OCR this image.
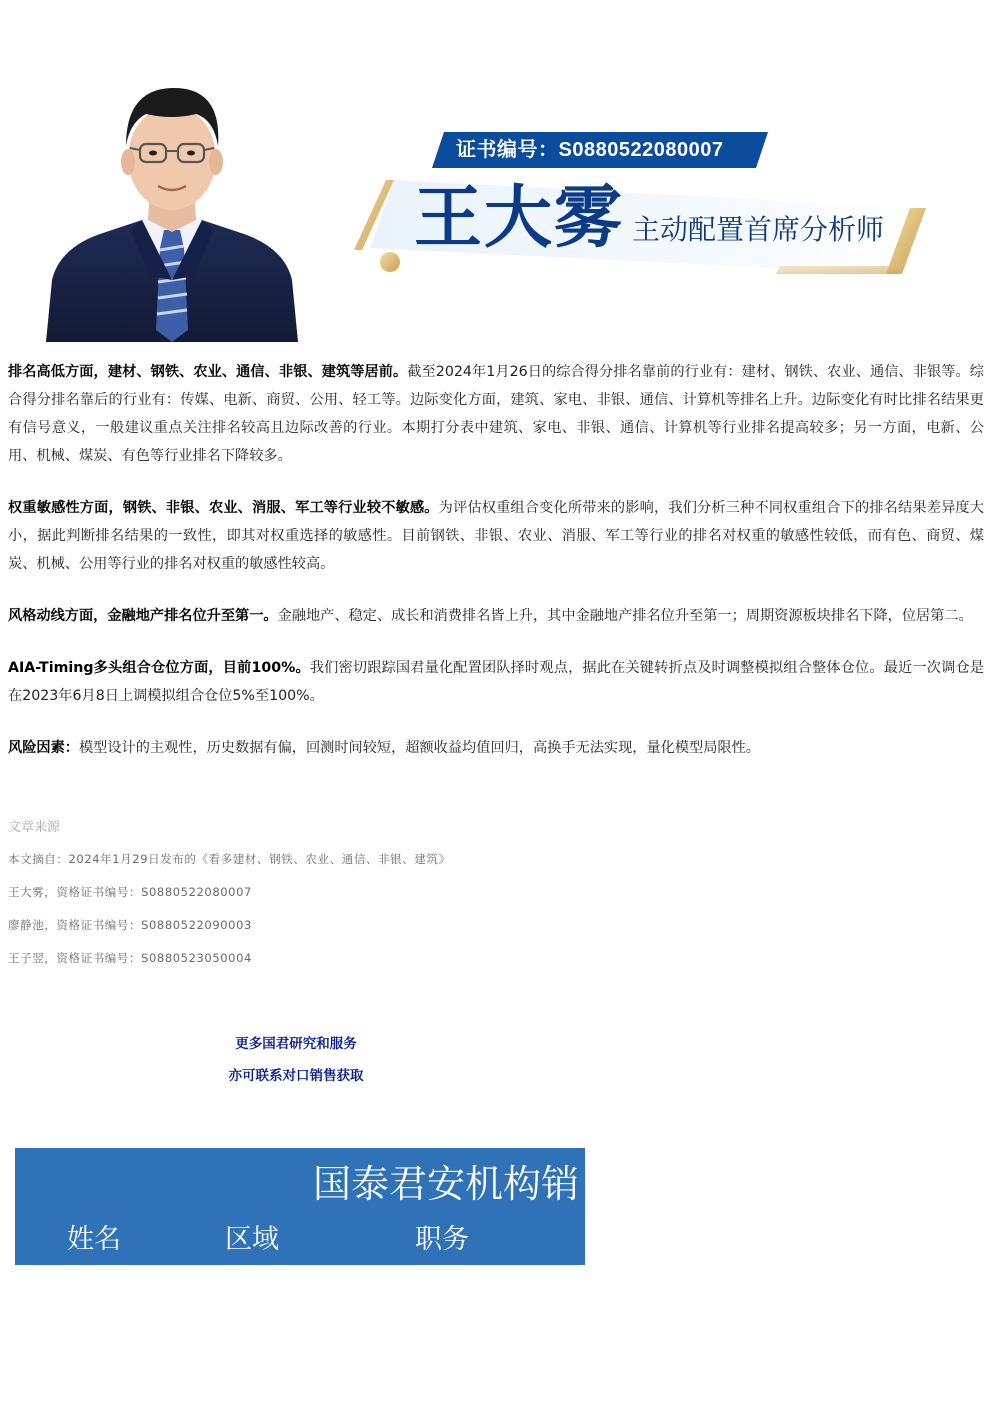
证书编号：S0880522080007
王大雾 主动配置首席分析师

排名高低方面，建材、钢铁、农业、通信、非银、建筑等居前。截至2024年1月26日的综合得分排名靠前的行业有：建材、钢铁、农业、通信、非银等。综合得分排名靠后的行业有：传媒、电新、商贸、公用、轻工等。边际变化方面，建筑、家电、非银、通信、计算机等排名上升。边际变化有时比排名结果更有信号意义，一般建议重点关注排名较高且边际改善的行业。本期打分表中建筑、家电、非银、通信、计算机等行业排名提高较多；另一方面，电新、公用、机械、煤炭、有色等行业排名下降较多。

权重敏感性方面，钢铁、非银、农业、消服、军工等行业较不敏感。为评估权重组合变化所带来的影响，我们分析三种不同权重组合下的排名结果差异度大小，据此判断排名结果的一致性，即其对权重选择的敏感性。目前钢铁、非银、农业、消服、军工等行业的排名对权重的敏感性较低，而有色、商贸、煤炭、机械、公用等行业的排名对权重的敏感性较高。

风格动线方面，金融地产排名位升至第一。金融地产、稳定、成长和消费排名皆上升，其中金融地产排名位升至第一；周期资源板块排名下降，位居第二。

AIA-Timing多头组合仓位方面，目前100%。我们密切跟踪国君量化配置团队择时观点，据此在关键转折点及时调整模拟组合整体仓位。最近一次调仓是在2023年6月8日上调模拟组合仓位5%至100%。

风险因素：模型设计的主观性，历史数据有偏，回测时间较短，超额收益均值回归，高换手无法实现，量化模型局限性。

文章来源

本文摘自：2024年1月29日发布的《看多建材、钢铁、农业、通信、非银、建筑》

王大雾，资格证书编号：S0880522080007

廖静池，资格证书编号：S0880522090003

王子翌，资格证书编号：S0880523050004

更多国君研究和服务

亦可联系对口销售获取

国泰君安机构销
姓名	区域	职务
